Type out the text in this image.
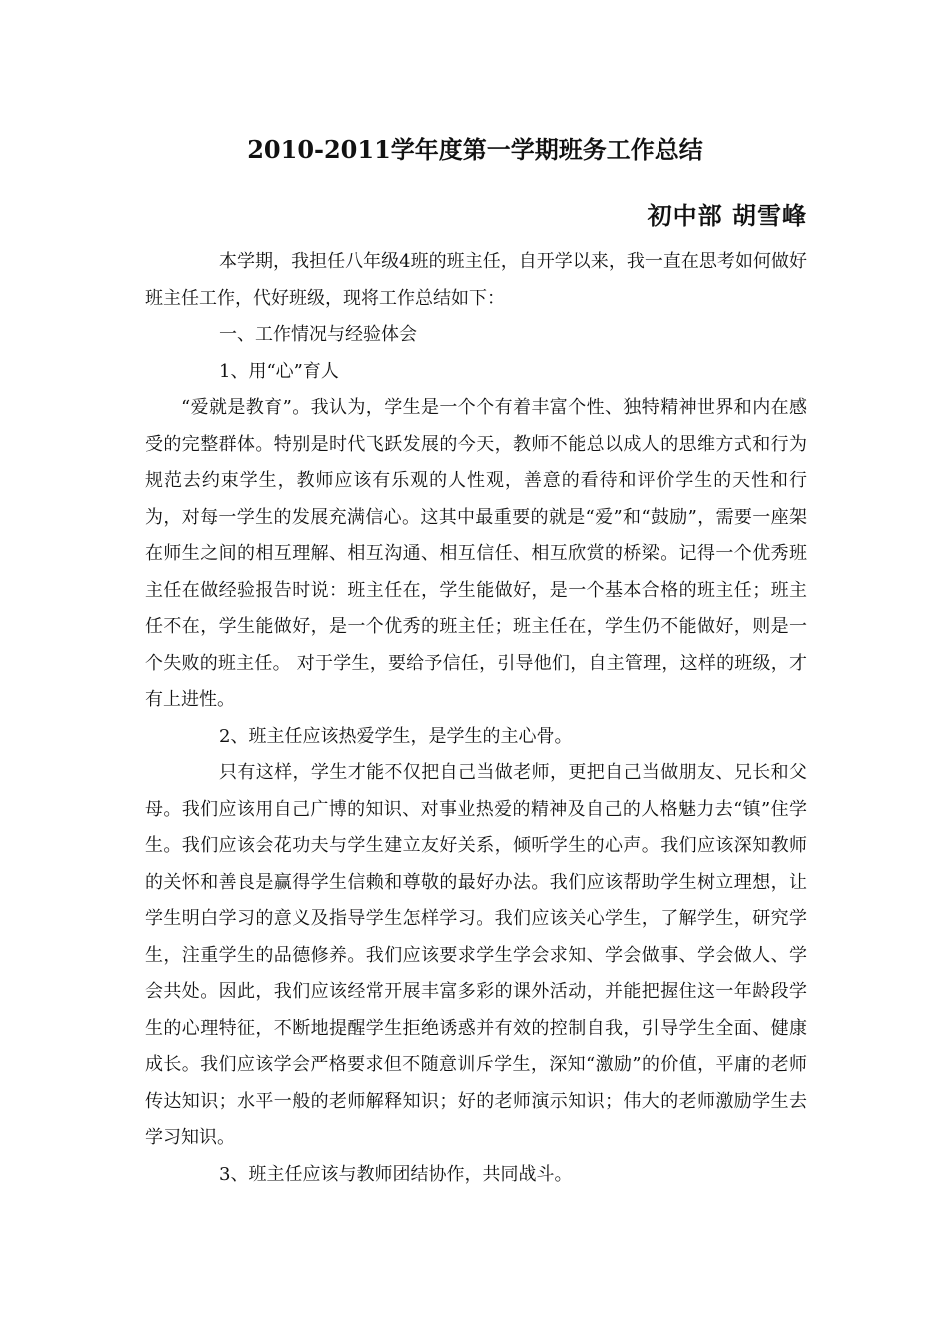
2010-2011学年度第一学期班务工作总结
初中部 胡雪峰

本学期，我担任八年级4班的班主任，自开学以来，我一直在思考如何做好班主任工作，代好班级，现将工作总结如下：

一、工作情况与经验体会

1、用“心”育人

“爱就是教育”。我认为，学生是一个个有着丰富个性、独特精神世界和内在感受的完整群体。特别是时代飞跃发展的今天，教师不能总以成人的思维方式和行为规范去约束学生，教师应该有乐观的人性观，善意的看待和评价学生的天性和行为，对每一学生的发展充满信心。这其中最重要的就是“爱”和“鼓励”，需要一座架在师生之间的相互理解、相互沟通、相互信任、相互欣赏的桥梁。记得一个优秀班主任在做经验报告时说：班主任在，学生能做好，是一个基本合格的班主任；班主任不在，学生能做好，是一个优秀的班主任；班主任在，学生仍不能做好，则是一个失败的班主任。 对于学生，要给予信任，引导他们，自主管理，这样的班级，才有上进性。

2、班主任应该热爱学生，是学生的主心骨。

只有这样，学生才能不仅把自己当做老师，更把自己当做朋友、兄长和父母。我们应该用自己广博的知识、对事业热爱的精神及自己的人格魅力去“镇”住学生。我们应该会花功夫与学生建立友好关系，倾听学生的心声。我们应该深知教师的关怀和善良是赢得学生信赖和尊敬的最好办法。我们应该帮助学生树立理想，让学生明白学习的意义及指导学生怎样学习。我们应该关心学生，了解学生，研究学生，注重学生的品德修养。我们应该要求学生学会求知、学会做事、学会做人、学会共处。因此，我们应该经常开展丰富多彩的课外活动，并能把握住这一年龄段学生的心理特征，不断地提醒学生拒绝诱惑并有效的控制自我，引导学生全面、健康成长。我们应该学会严格要求但不随意训斥学生，深知“激励”的价值，平庸的老师传达知识；水平一般的老师解释知识；好的老师演示知识；伟大的老师激励学生去学习知识。

3、班主任应该与教师团结协作，共同战斗。
